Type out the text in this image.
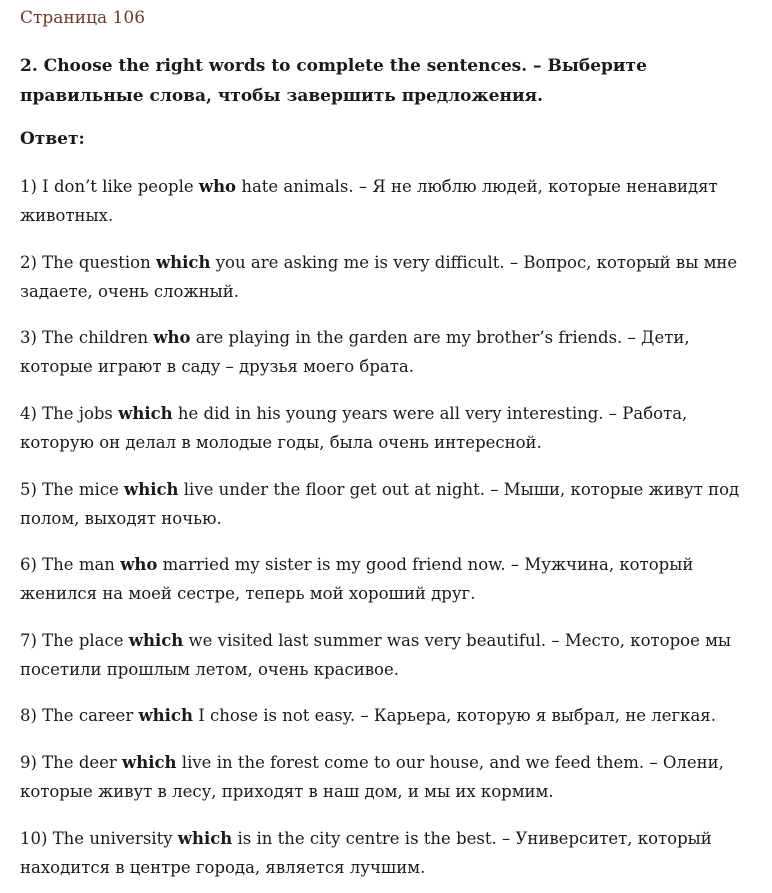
Страница 106
2. Choose the right words to complete the sentences. – Выберите правильные слова, чтобы завершить предложения.
Ответ:
1) I don’t like people who hate animals. – Я не люблю людей, которые ненавидят животных.
2) The question which you are asking me is very difficult. – Вопрос, который вы мне задаете, очень сложный.
3) The children who are playing in the garden are my brother’s friends. – Дети, которые играют в саду – друзья моего брата.
4) The jobs which he did in his young years were all very interesting. – Работа, которую он делал в молодые годы, была очень интересной.
5) The mice which live under the floor get out at night. – Мыши, которые живут под полом, выходят ночью.
6) The man who married my sister is my good friend now. – Мужчина, который женился на моей сестре, теперь мой хороший друг.
7) The place which we visited last summer was very beautiful. – Место, которое мы посетили прошлым летом, очень красивое.
8) The career which I chose is not easy. – Карьера, которую я выбрал, не легкая.
9) The deer which live in the forest come to our house, and we feed them. – Олени, которые живут в лесу, приходят в наш дом, и мы их кормим.
10) The university which is in the city centre is the best. – Университет, который находится в центре города, является лучшим.
